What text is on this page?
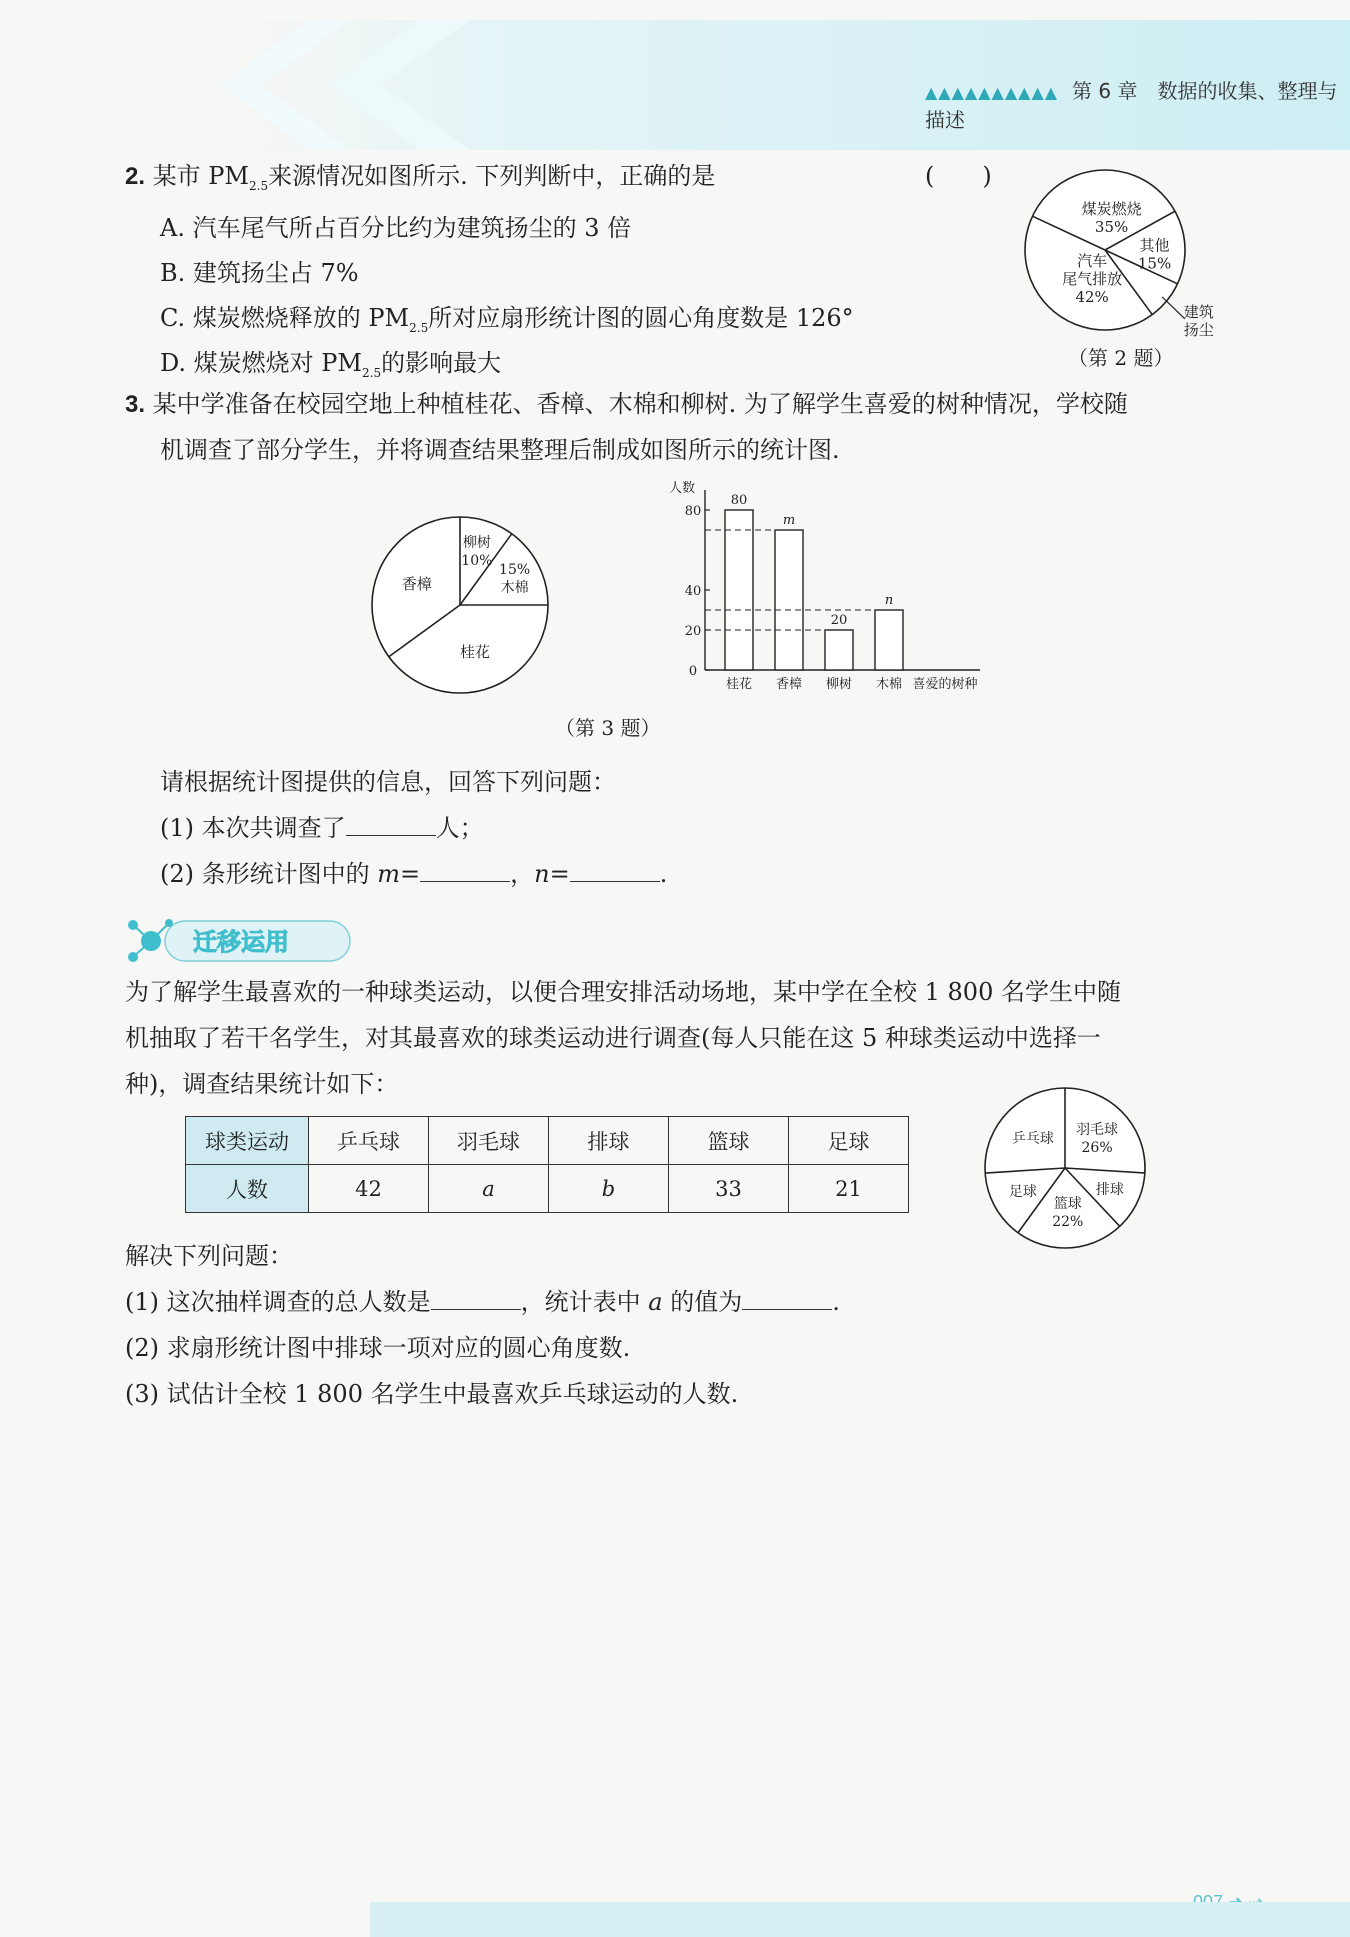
▲▲▲▲▲▲▲▲▲▲ 第 6 章　数据的收集、整理与描述
2. 某市 $PM_{2.5}$来源情况如图所示. 下列判断中，正确的是	(　　)
A. 汽车尾气所占百分比约为建筑扬尘的 3 倍
B. 建筑扬尘占 7%
C. 煤炭燃烧释放的 $PM_{2.5}$所对应扇形统计图的圆心角度数是 126°
D. 煤炭燃烧对 $PM_{2.5}$的影响最大
煤炭燃烧
35%
其他
15%
建筑
扬尘
汽车
尾气排放
42%
（第 2 题）
3. 某中学准备在校园空地上种植桂花、香樟、木棉和柳树. 为了解学生喜爱的树种情况，学校随
机调查了部分学生，并将调查结果整理后制成如图所示的统计图.
柳树
10%
15%
木棉
桂花
香樟
人数
0
20
40
80
80
桂花
m
香樟
20
柳树
n
木棉 喜爱的树种
（第 3 题）
请根据统计图提供的信息，回答下列问题：
(1) 本次共调查了	人；
(2) 条形统计图中的 m=	，n=	.
迁移运用
为了解学生最喜欢的一种球类运动，以便合理安排活动场地，某中学在全校 1 800 名学生中随
机抽取了若干名学生，对其最喜欢的球类运动进行调查(每人只能在这 5 种球类运动中选择一
种)，调查结果统计如下：
球类运动	乒乓球	羽毛球	排球	篮球	足球
人数	42	a	b	33	21
羽毛球
26%
排球
篮球
22%
足球
乒乓球
解决下列问题：
(1) 这次抽样调查的总人数是	，统计表中 a 的值为	.
(2) 求扇形统计图中排球一项对应的圆心角度数.
(3) 试估计全校 1 800 名学生中最喜欢乒乓球运动的人数.
